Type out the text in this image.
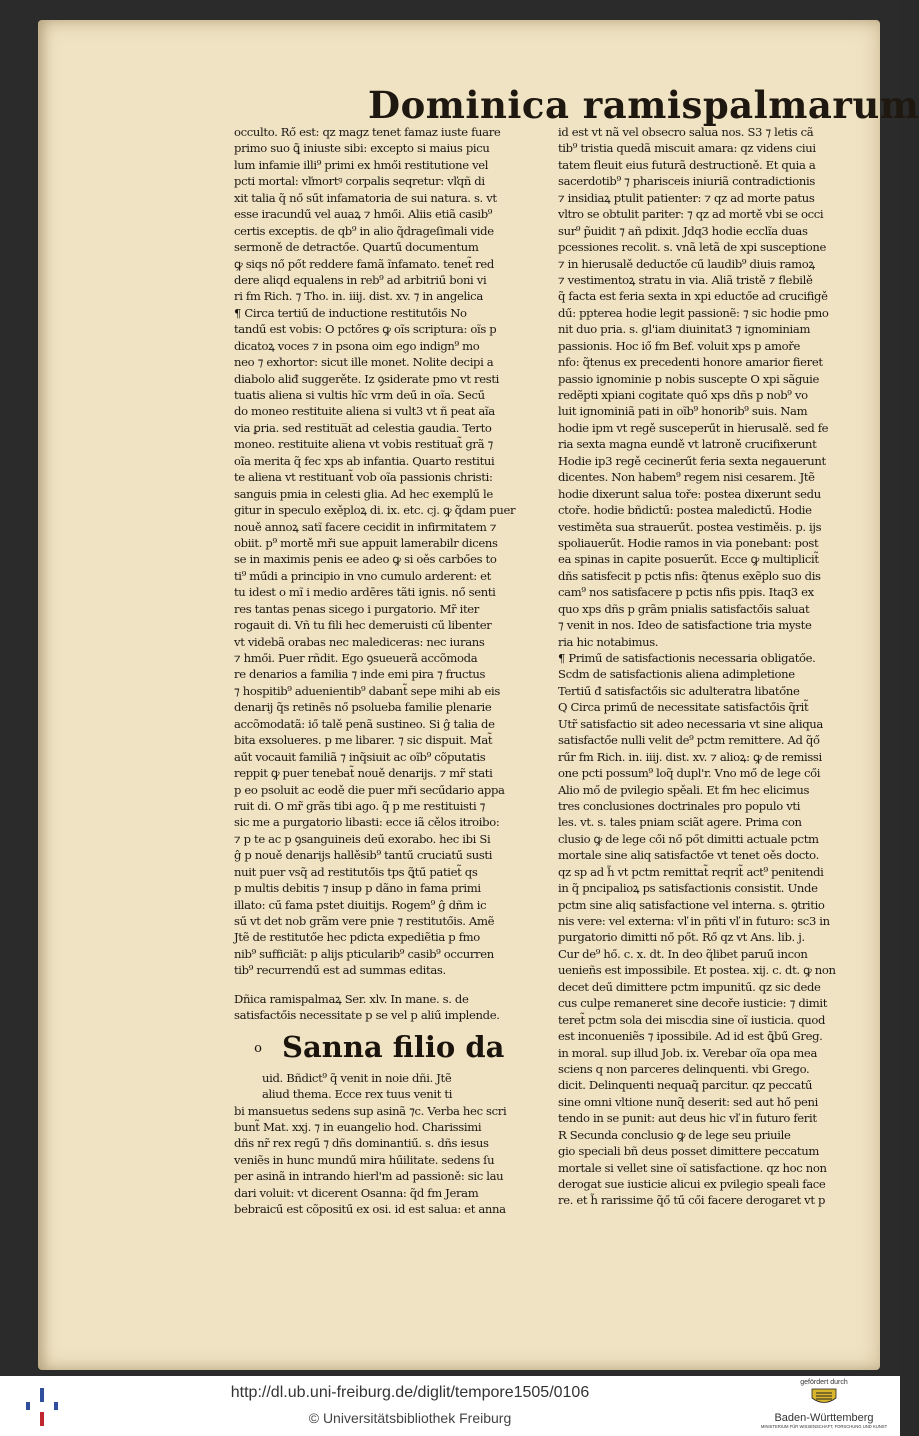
Dominica ramispalmarum

occulto. Rő est: qz magz tenet famaz iuste fuare

primo suo ꝗ̃ iniuste sibi: excepto si maius picu

lum infamie illi⁹ primi ex hmői restitutione vel

pcti mortal: vľmortꝰ corpalis seqretur: vľqñ di

xit talia q̃ nő sűt infamatoria de sui natura. s. vt

esse iracundű vel auaꝝ ⁊ hmői. Aliis etiã casib⁹

certis exceptis. de qb⁹ in alio q̃drageſimali vide

sermoně de detractőe. Quartű documentum

ꝙ siqs nő pőt reddere famã ĩnfamato. tenet̃ red

dere aliqd equalens in reb⁹ ad arbitriű boni vi

ri fm Rich. ⁊ Tho. in. iiij. dist. xv. ⁊ in angelica

¶ Circa tertiű de inductione restitutőis No

tandű est vobis: O pctőres ꝙ oĩs scriptura: oĩs p

dicatoꝝ voces ⁊ in psona oim ego indign⁹ mo

neo ⁊ exhortor: sicut ille monet. Nolite decipi a

diabolo aliđ suggerěte. Iz ꝯsiderate pmo vt resti

tuatis aliena si vultis hĩc vrm deű in oĩa. Secű

do moneo restituite aliena si vult3 vt ñ peat aĩa

via ꝑria. sed restitua̅t ad celestia gaudia. Terto

moneo. restituite aliena vt vobis restituat̃ grã ⁊

oĩa merita q̃ fec xps ab infantia. Quarto restitui

te aliena vt restituant̃ vob oĩa passionis christi:

sanguis pmia in celesti glia. Ad hec exemplű le

gitur in speculo exěploꝝ di. ix. etc. cj. ꝙ q̃dam puer

nouě annoꝝ satĩ facere cecidit in infirmitatem ⁊

obiit. p⁹ mortě mři sue appuit lamerabilr dicens

se in maximis penis ee adeo ꝙ si oěs carbőes to

ti⁹ műdi a principio in vno cumulo arderent: et

tu idest o mĩ i medio ardēres tãti ignis. nő senti

res tantas penas sicego i purgatorio. Mr̃ iter

rogauit di. Vñ tu fili hec demeruisti cű libenter

vt videbã orabas nec malediceras: nec iurans

⁊ hmői. Puer rñdit. Ego ꝯsueuerã accõmoda

re denarios a familia ⁊ inde emi pira ⁊ fructus

⁊ hospitib⁹ aduenientib⁹ dabant̃ sepe mihi ab eis

denarij q̃s retinēs nő psolueba familie plenarie

accõmodatã: iő talě penã sustineo. Si ĝ talia de

bita exsolueres. p me libarer. ⁊ sic dispuit. Mat̃

aűt vocauit familiã ⁊ inq̃siuit ac oĩb⁹ cõputatis

reppit ꝙ puer tenebat̃ nouě denarijs. ⁊ mr̃ stati

p eo psoluit ac eodě die puer mři secűdario appa

ruit di. O mr̃ grãs tibi ago. q̃ p me restituisti ⁊

sic me a purgatorio libasti: ecce iã cělos itroibo:

⁊ p te ac p ꝯsanguineis deű exorabo. hec ibi Si

ĝ p nouě denarijs hallěsib⁹ tantű cruciatű susti

nuit puer vsq̃ ad restitutőis tps ꝗ̃tű patiet̃ qs

p multis debitis ⁊ insup p dãno in fama primi

illato: cű fama pstet diuitijs. Rogem⁹ ĝ dñm ic

sű vt det nob grãm vere pnie ⁊ restitutőis. Amẽ

Jtẽ de restitutőe hec pdicta expediẽtia p fmo

nib⁹ sufficiãt: p alijs pticularib⁹ casib⁹ occurren

tib⁹ recurrendű est ad summas editas.

Dñica ramispalmaꝝ Ser. xlv. In mane. s. de

satisfactőis necessitate p se vel p aliű implende.

o Sanna filio da

uid. Bñdict⁹ q̃ venit in noie dñi. Jtẽ

aliud thema. Ecce rex tuus venit ti

bi mansuetus sedens sup asinã ⁊c. Verba hec scri

bunt̃ Mat. xxj. ⁊ in euangelio hod. Charissimi

dñs nr̃ rex regű ⁊ dñs dominantiű. s. dñs iesus

veniẽs in hunc mundű mira hűilitate. sedens ſu

per asinã in intrando hierl'm ad passioně: sic lau

dari voluit: vt dicerent Osanna: q̃d fm Jeram

bebraicű est cõpositű ex osi. id est salua: et anna

id est vt nã vel obsecro salua nos. S3 ⁊ letis cã

tib⁹ tristia quedã miscuit amara: qz videns ciui

tatem fleuit eius futurã destructioně. Et quia a

sacerdotib⁹ ⁊ pharisceis iniuriã contradictionis

⁊ insidiaꝝ ptulit patienter: ⁊ qz ad morte patus

vltro se obtulit pariter: ⁊ qz ad mortě vbi se occi

sur⁹ p̃uidit ⁊ añ pdixit. Jdq3 hodie ecclĩa duas

pcessiones recolit. s. vnã letã de xpi susceptione

⁊ in hierusalě deductőe cű laudib⁹ diuis ramoꝝ

⁊ vestimentoꝝ stratu in via. Aliã tristě ⁊ flebilě

q̃ facta est feria sexta in xpi eductőe ad crucifigě

dű: ppterea hodie legit passionẽ: ⁊ sic hodie pmo

nit duo pria. s. gl'iam diuinitat3 ⁊ ignominiam

passionis. Hoc iő fm Bef. voluit xps p amoře

nfo: q̃tenus ex precedenti honore amarior fieret

passio ignominie p nobis suscepte O xpi sãguie

redẽpti xpiani cogitate quő xps dñs p nob⁹ vo

luit ignominiã pati in oĩb⁹ honorib⁹ suis. Nam

hodie ipm vt regě susceperűt in hierusalě. sed fe

ria sexta magna eundě vt latroně crucifixerunt

Hodie ip3 regě cecinerűt feria sexta negauerunt

dicentes. Non habem⁹ regem nisi cesarem. Jtẽ

hodie dixerunt salua toře: postea dixerunt sedu

ctoře. hodie bñdictű: postea maledictű. Hodie

vestiměta sua strauerűt. postea vestiměis. p. ijs

spoliauerűt. Hodie ramos in via ponebant: post

ea spinas in capite posuerűt. Ecce ꝙ multiplicit̃

dñs satisfecit p pctis nfis: q̃tenus exẽplo suo dis

cam⁹ nos satisfacere p pctis nfis ppis. Itaq3 ex

quo xps dñs p grãm pnialis satisfactőis saluat

⁊ venit in nos. Ideo de satisfactione tria myste

ria hic notabimus.

¶ Primű de satisfactionis necessaria obligatőe.

Scdm de satisfactionis aliena adimpletione

Tertiű đ satisfactőis sic adulteratra libatőne

Q Circa primű de necessitate satisfactőis q̃rit̃

Utr̃ satisfactio sit adeo necessaria vt sine aliqua

satisfactőe nulli velit de⁹ pctm remittere. Ad q̃ő

rűr fm Rich. in. iiij. dist. xv. ⁊ alioꝝ: ꝙ de remissi

one pcti possum⁹ loq̃ dupl'r. Vno mő de lege cői

Alio mő de pvilegio spěali. Et fm hec elicimus

tres conclusiones doctrinales pro populo vti

les. vt. s. tales pniam sciãt agere. Prima con

clusio ꝙ de lege cői nő pőt dimitti actuale pctm

mortale sine aliq satisfactőe vt tenet oěs docto.

qz sp ad h̃ vt pctm remittat̃ reqrit̃ act⁹ penitendi

in q̃ pncipalioꝝ ps satisfactionis consistit. Unde

pctm sine aliq satisfactione vel interna. s. ꝯtritio

nis vere: vel externa: vľ in pñti vľ in futuro: sc3 in

purgatorio dimitti nő pőt. Rő qz vt Ans. lib. j.

Cur de⁹ hő. c. x. dt. In deo q̃libet paruű incon

uenieñs est impossibile. Et postea. xij. c. dt. ꝙ non

decet deű dimittere pctm impunitű. qz sic dede

cus culpe remaneret sine decoře iusticie: ⁊ dimit

teret̃ pctm sola dei miscdia sine oĩ iusticia. quod

est inconueniẽs ⁊ ipossibile. Ad id est ꝗ̃bű Greg.

in moral. sup illud Job. ix. Verebar oĩa opa mea

sciens q non parceres delinquenti. vbi Grego.

dicit. Delinquenti nequaq̃ parcitur. qz peccatű

sine omni vltione nunq̃ deserit: sed aut hő peni

tendo in se punit: aut deus hic vľ in futuro ferit

R Secunda conclusio ꝙ de lege seu priuile

gio speciali bñ deus posset dimittere peccatum

mortale si vellet sine oĩ satisfactione. qz hoc non

derogat sue iusticie alicui ex pvilegio speali face

re. et h̃ rarissime q̃ő tű cői facere derogaret vt p

http://dl.ub.uni-freiburg.de/diglit/tempore1505/0106
© Universitätsbibliothek Freiburg
gefördert durch
Baden-Württemberg
MINISTERIUM FÜR WISSENSCHAFT, FORSCHUNG UND KUNST
